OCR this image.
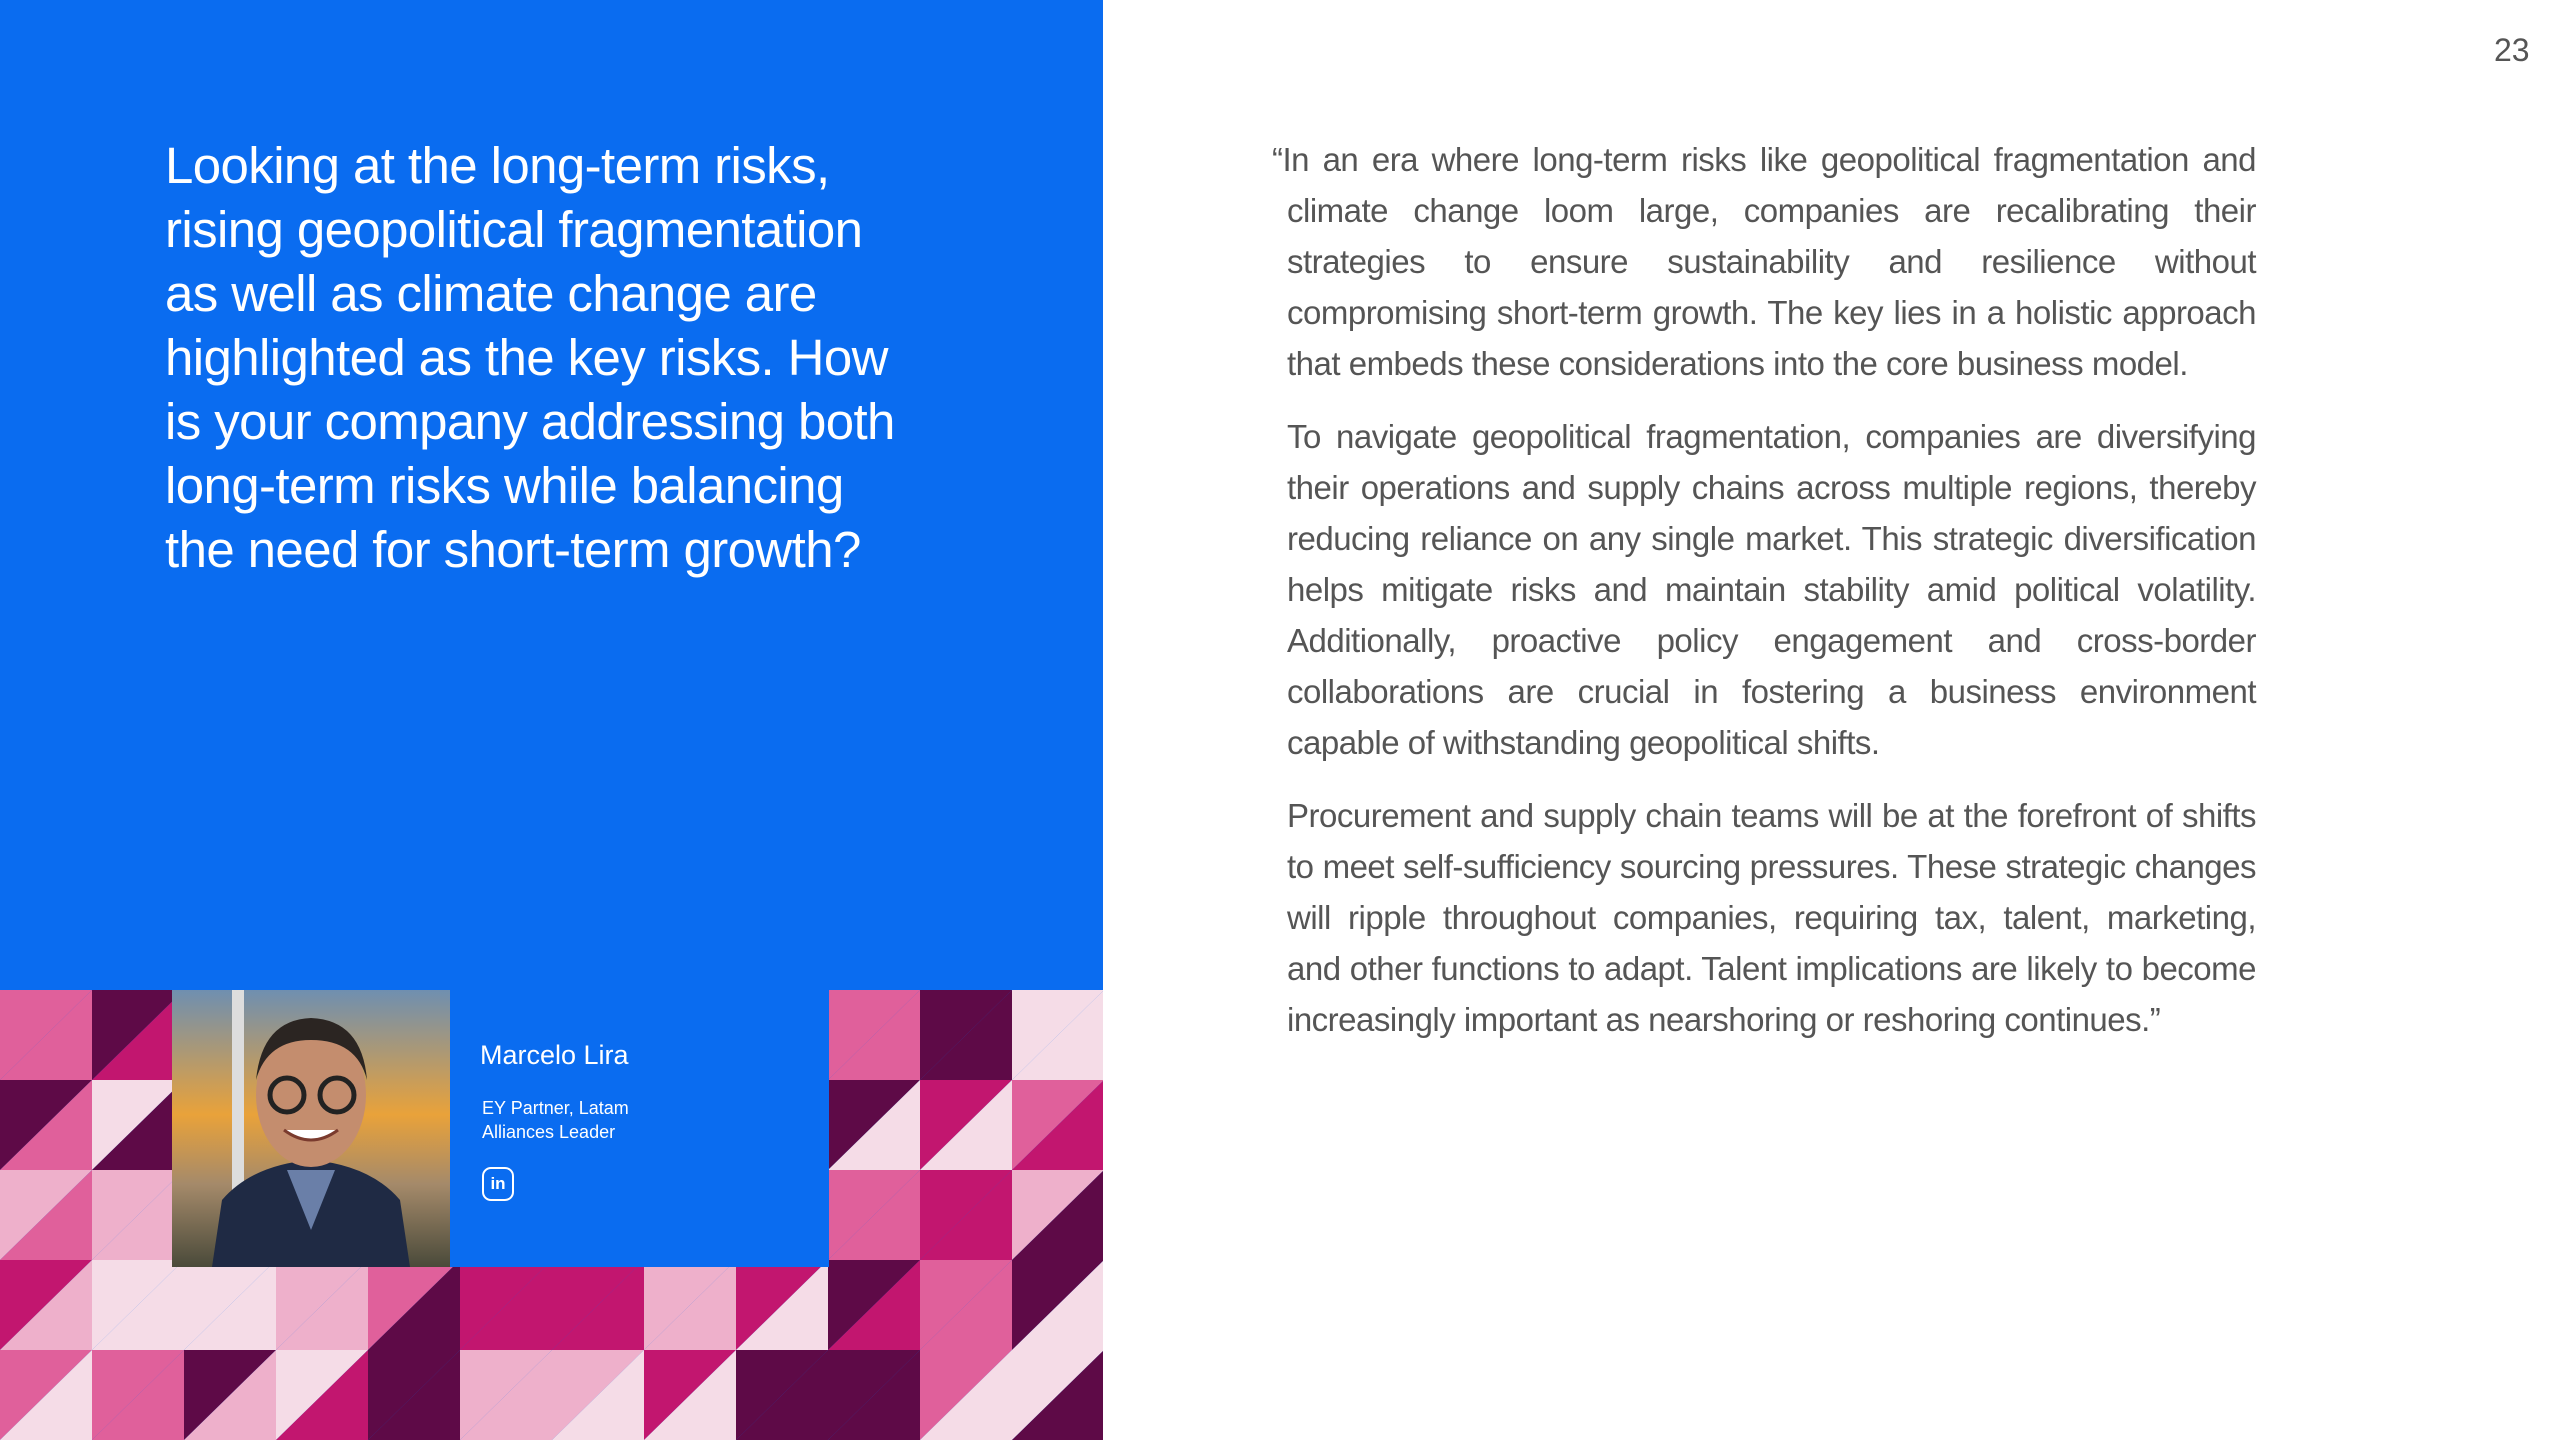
Looking at the long-term risks, rising geopolitical fragmentation as well as climate change are highlighted as the key risks. How is your company addressing both long-term risks while balancing the need for short-term growth?
Marcelo Lira
EY Partner, Latam Alliances Leader
in
23

“In an era where long-term risks like geopolitical fragmentation and climate change loom large, companies are recalibrating their strategies to ensure sustainability and resilience without compromising short-term growth. The key lies in a holistic approach that embeds these considerations into the core business model.

To navigate geopolitical fragmentation, companies are diversifying their operations and supply chains across multiple regions, thereby reducing reliance on any single market. This strategic diversification helps mitigate risks and maintain stability amid political volatility. Additionally, proactive policy engagement and cross-border collaborations are crucial in fostering a business environment capable of withstanding geopolitical shifts.

Procurement and supply chain teams will be at the forefront of shifts to meet self-sufficiency sourcing pressures. These strategic changes will ripple throughout companies, requiring tax, talent, marketing, and other functions to adapt. Talent implications are likely to become increasingly important as nearshoring or reshoring continues.”
